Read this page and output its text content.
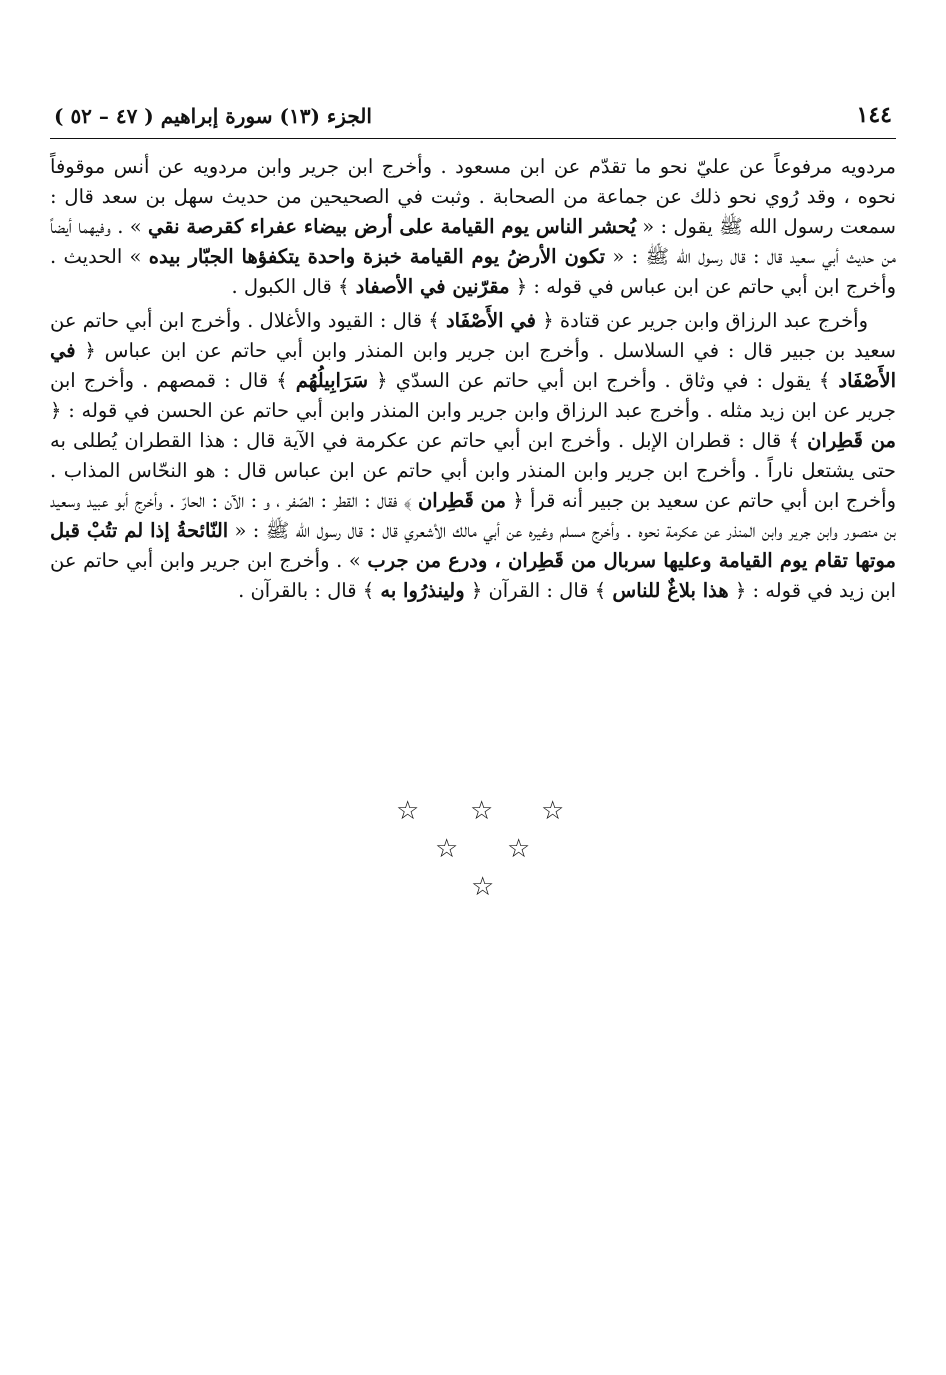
١٤٤
الجزء (١٣) سورة إبراهيم ( ٤٧ – ٥٢ )

مردويه مرفوعاً عن عليّ نحو ما تقدّم عن ابن مسعود . وأخرج ابن جرير وابن مردويه عن أنس موقوفاً نحوه ، وقد رُوي نحو ذلك عن جماعة من الصحابة . وثبت في الصحيحين من حديث سهل بن سعد قال : سمعت رسول الله ﷺ يقول : « يُحشر الناس يوم القيامة على أرض بيضاء عفراء كقرصة نقي » . وفيهما أيضاً من حديث أبي سعيد قال : قال رسول الله ﷺ : « تكون الأرضُ يوم القيامة خبزة واحدة يتكفؤها الجبّار بيده » الحديث . وأخرج ابن أبي حاتم عن ابن عباس في قوله : ﴿ مقرّنين في الأصفاد ﴾ قال الكبول .

وأخرج عبد الرزاق وابن جرير عن قتادة ﴿ في الأَصْفَاد ﴾ قال : القيود والأغلال . وأخرج ابن أبي حاتم عن سعيد بن جبير قال : في السلاسل . وأخرج ابن جرير وابن المنذر وابن أبي حاتم عن ابن عباس ﴿ في الأَصْفَاد ﴾ يقول : في وثاق . وأخرج ابن أبي حاتم عن السدّي ﴿ سَرَابِيلُهُم ﴾ قال : قمصهم . وأخرج ابن جرير عن ابن زيد مثله . وأخرج عبد الرزاق وابن جرير وابن المنذر وابن أبي حاتم عن الحسن في قوله : ﴿ من قَطِران ﴾ قال : قطران الإبل . وأخرج ابن أبي حاتم عن عكرمة في الآية قال : هذا القطران يُطلى به حتى يشتعل ناراً . وأخرج ابن جرير وابن المنذر وابن أبي حاتم عن ابن عباس قال : هو النحّاس المذاب . وأخرج ابن أبي حاتم عن سعيد بن جبير أنه قرأ ﴿ من قَطِران ﴾ فقال : القطر : الصّفر ، و : الآن : الحارّ . وأخرج أبو عبيد وسعيد بن منصور وابن جرير وابن المنذر عن عكرمة نحوه . وأخرج مسلم وغيره عن أبي مالك الأشعري قال : قال رسول الله ﷺ : « النّائحةُ إذا لم تتُبْ قبل موتها تقام يوم القيامة وعليها سربال من قَطِران ، ودرع من جرب » . وأخرج ابن جرير وابن أبي حاتم عن ابن زيد في قوله : ﴿ هذا بلاغٌ للناس ﴾ قال : القرآن ﴿ ولينذرُوا به ﴾ قال : بالقرآن .

☆
☆
☆
☆
☆
☆
